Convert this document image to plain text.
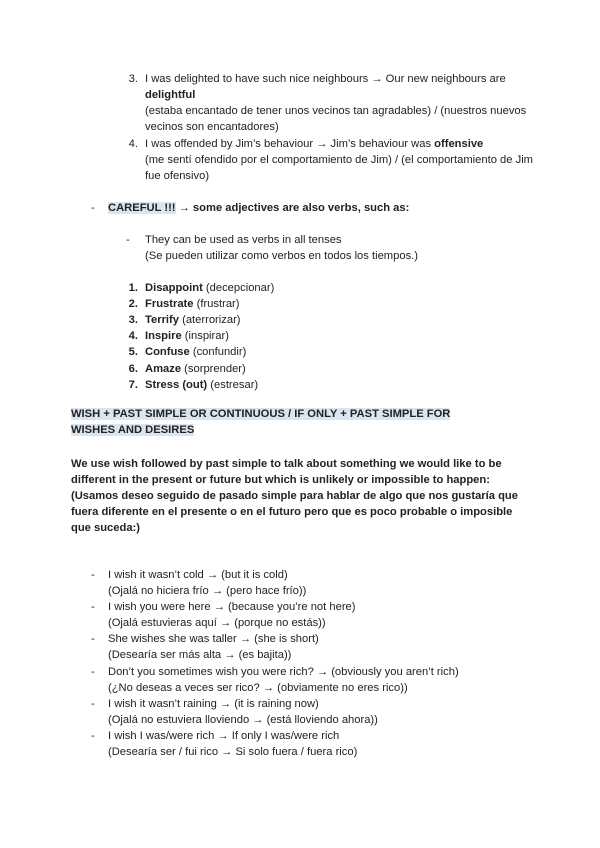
3. I was delighted to have such nice neighbours → Our new neighbours are delightful
(estaba encantado de tener unos vecinos tan agradables) / (nuestros nuevos vecinos son encantadores)
4. I was offended by Jim’s behaviour → Jim’s behaviour was offensive
(me sentí ofendido por el comportamiento de Jim) / (el comportamiento de Jim fue ofensivo)
- CAREFUL !!! → some adjectives are also verbs, such as:
- They can be used as verbs in all tenses
(Se pueden utilizar como verbos en todos los tiempos.)
1. Disappoint (decepcionar)
2. Frustrate (frustrar)
3. Terrify (aterrorizar)
4. Inspire (inspirar)
5. Confuse (confundir)
6. Amaze (sorprender)
7. Stress (out) (estresar)
WISH + PAST SIMPLE OR CONTINUOUS / IF ONLY + PAST SIMPLE FOR
WISHES AND DESIRES
We use wish followed by past simple to talk about something we would like to be different in the present or future but which is unlikely or impossible to happen:
(Usamos deseo seguido de pasado simple para hablar de algo que nos gustaría que fuera diferente en el presente o en el futuro pero que es poco probable o imposible que suceda:)
- I wish it wasn’t cold → (but it is cold)
(Ojalá no hiciera frío → (pero hace frío))
- I wish you were here → (because you’re not here)
(Ojalá estuvieras aquí → (porque no estás))
- She wishes she was taller → (she is short)
(Desearía ser más alta → (es bajita))
- Don’t you sometimes wish you were rich? → (obviously you aren’t rich)
(¿No deseas a veces ser rico? → (obviamente no eres rico))
- I wish it wasn’t raining → (it is raining now)
(Ojalá no estuviera lloviendo → (está lloviendo ahora))
- I wish I was/were rich → If only I was/were rich
(Desearía ser / fui rico → Si solo fuera / fuera rico)
